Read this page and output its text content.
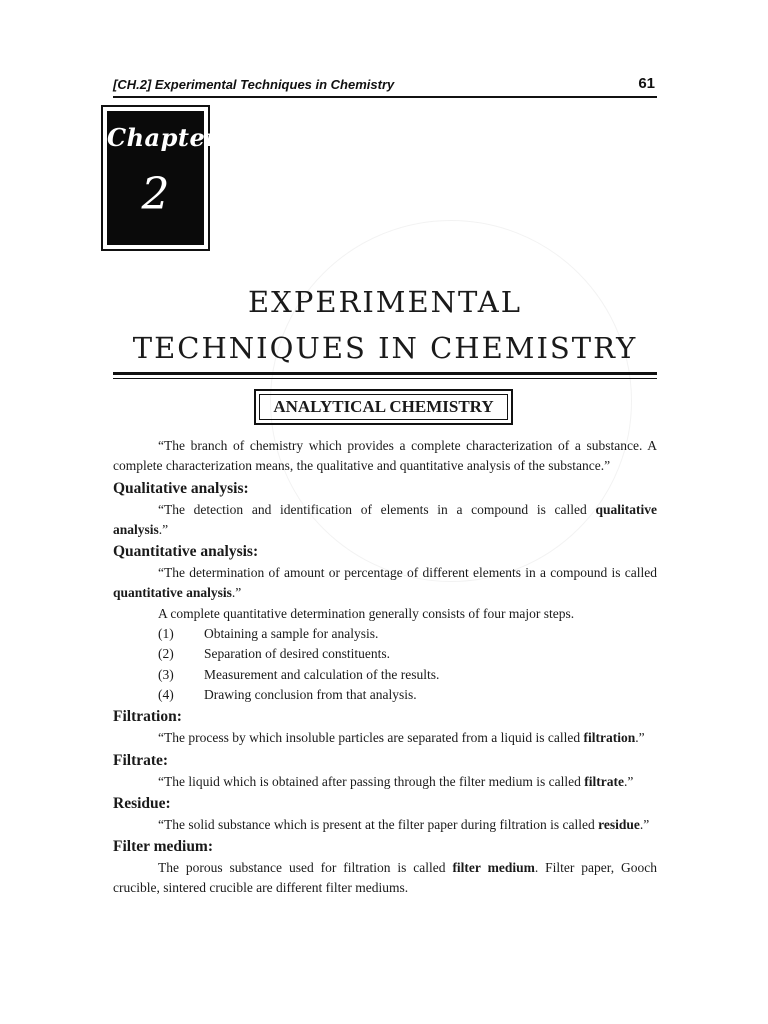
[CH.2] Experimental Techniques in Chemistry	61
Chapter
2
EXPERIMENTAL
TECHNIQUES IN CHEMISTRY
ANALYTICAL CHEMISTRY

“The branch of chemistry which provides a complete characterization of a substance. A complete characterization means, the qualitative and quantitative analysis of the substance.”

Qualitative analysis:

“The detection and identification of elements in a compound is called qualitative analysis.”

Quantitative analysis:

“The determination of amount or percentage of different elements in a compound is called quantitative analysis.”

A complete quantitative determination generally consists of four major steps.

(1) Obtaining a sample for analysis.
(2) Separation of desired constituents.
(3) Measurement and calculation of the results.
(4) Drawing conclusion from that analysis.
Filtration:

“The process by which insoluble particles are separated from a liquid is called filtration.”

Filtrate:

“The liquid which is obtained after passing through the filter medium is called filtrate.”

Residue:

“The solid substance which is present at the filter paper during filtration is called residue.”

Filter medium:

The porous substance used for filtration is called filter medium. Filter paper, Gooch crucible, sintered crucible are different filter mediums.
